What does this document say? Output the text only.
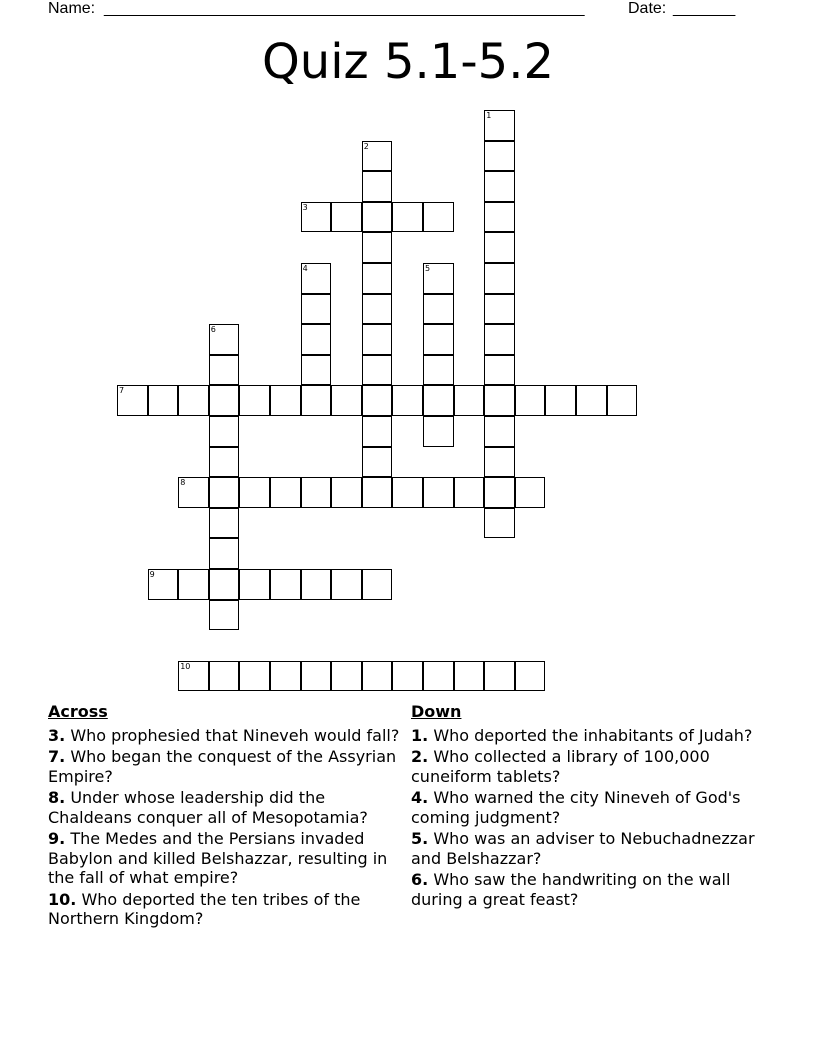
Name: ______________________________________________________	Date: _______
Quiz 5.1-5.2
1
2
3
4	5
6
7
8
9
10
Across
3. Who prophesied that Nineveh would fall?
7. Who began the conquest of the Assyrian Empire?
8. Under whose leadership did the Chaldeans conquer all of Mesopotamia?
9. The Medes and the Persians invaded Babylon and killed Belshazzar, resulting in the fall of what empire?
10. Who deported the ten tribes of the Northern Kingdom?
Down
1. Who deported the inhabitants of Judah?
2. Who collected a library of 100,000 cuneiform tablets?
4. Who warned the city Nineveh of God's coming judgment?
5. Who was an adviser to Nebuchadnezzar and Belshazzar?
6. Who saw the handwriting on the wall during a great feast?
